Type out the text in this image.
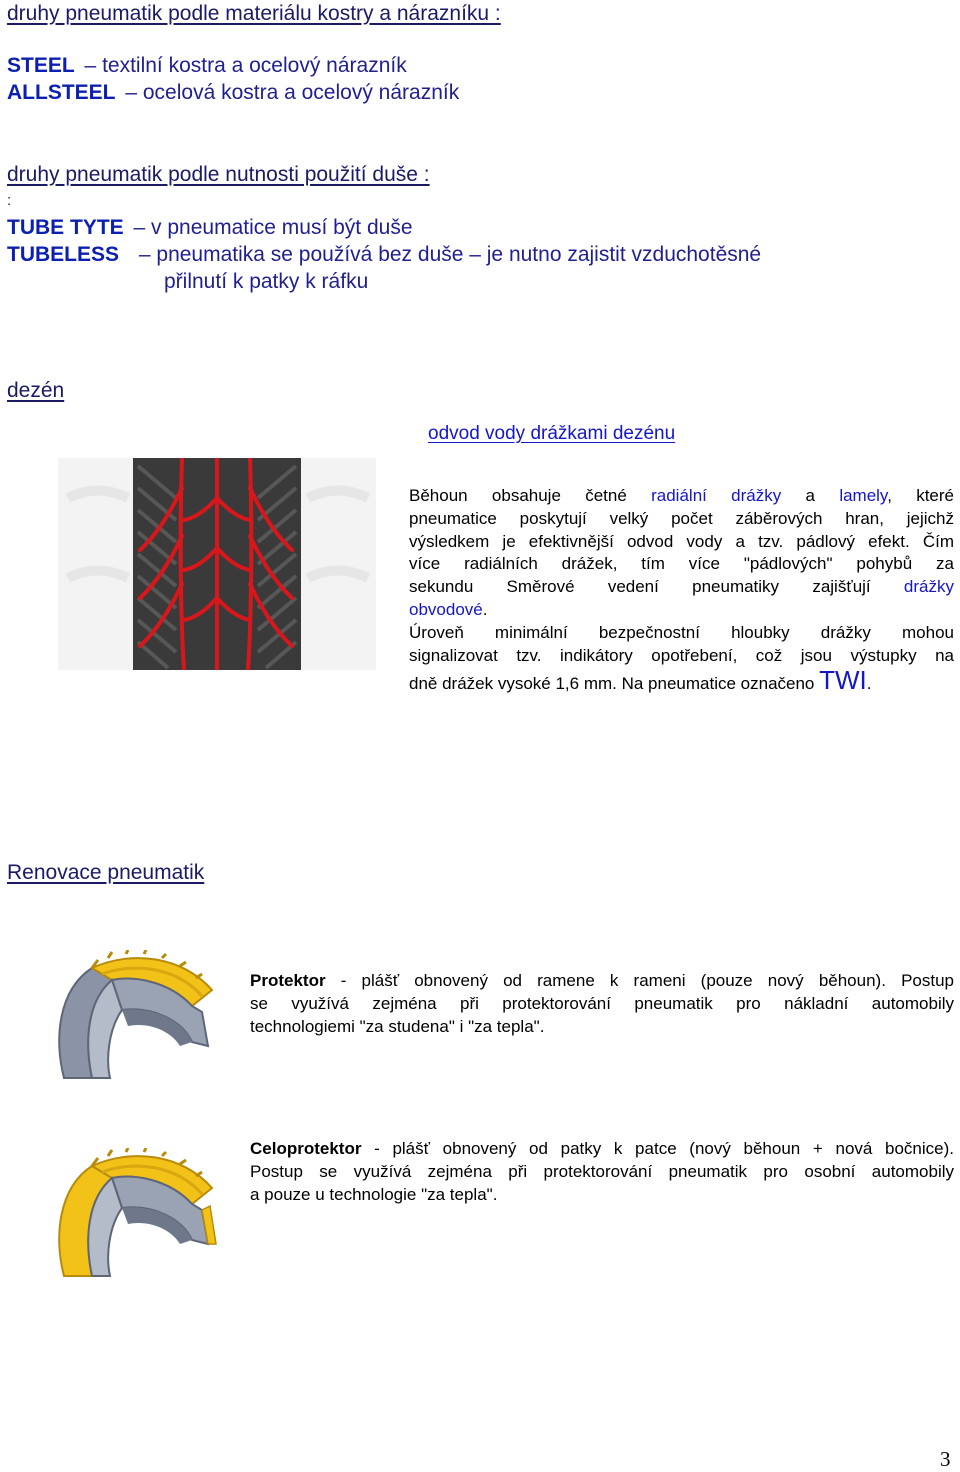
druhy pneumatik podle materiálu kostry a nárazníku :
STEEL – textilní kostra a ocelový nárazník
ALLSTEEL – ocelová kostra a ocelový nárazník
druhy pneumatik podle nutnosti použití duše :
:
TUBE TYTE – v pneumatice musí být duše
TUBELESS – pneumatika se používá bez duše – je nutno zajistit vzduchotěsné
přilnutí k patky k ráfku
dezén
odvod vody drážkami dezénu
Běhoun obsahuje četné radiální drážky a lamely, které
pneumatice poskytují velký počet záběrových hran, jejichž
výsledkem je efektivnější odvod vody a tzv. pádlový efekt. Čím
více radiálních drážek, tím více "pádlových" pohybů za
sekundu Směrové vedení pneumatiky zajišťují drážky
obvodové.
Úroveň minimální bezpečnostní hloubky drážky mohou
signalizovat tzv. indikátory opotřebení, což jsou výstupky na
dně drážek vysoké 1,6 mm. Na pneumatice označeno TWI.
Renovace pneumatik
Protektor - plášť obnovený od ramene k rameni (pouze nový běhoun). Postup
se využívá zejména při protektorování pneumatik pro nákladní automobily
technologiemi "za studena" i "za tepla".
Celoprotektor - plášť obnovený od patky k patce (nový běhoun + nová bočnice).
Postup se využívá zejména při protektorování pneumatik pro osobní automobily
a pouze u technologie "za tepla".
3
